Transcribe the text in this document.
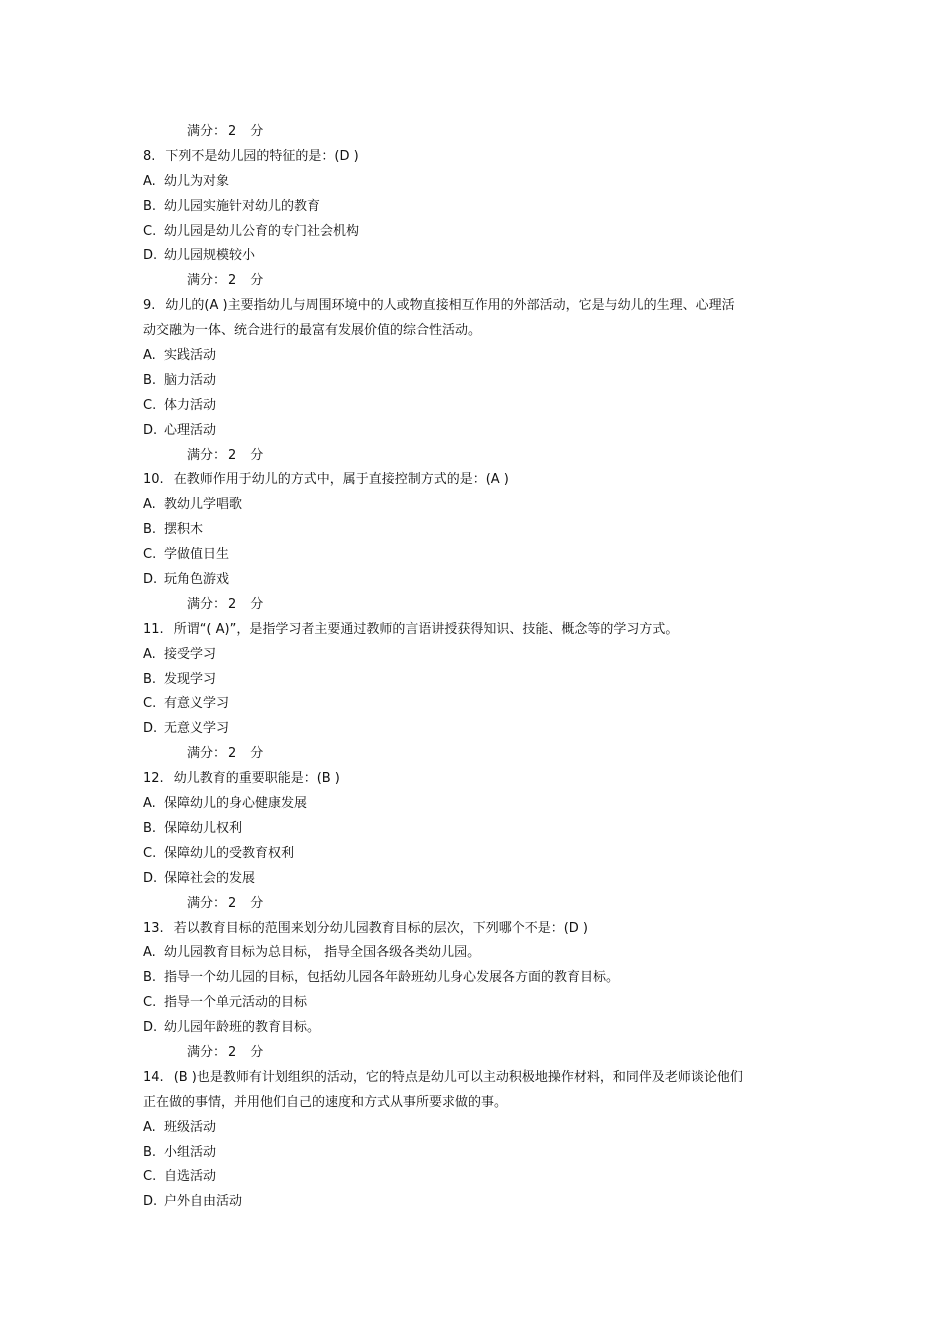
满分： 2 分
8. 下列不是幼儿园的特征的是：(D )
A. 幼儿为对象
B. 幼儿园实施针对幼儿的教育
C. 幼儿园是幼儿公育的专门社会机构
D. 幼儿园规模较小
满分： 2 分
9. 幼儿的(A )主要指幼儿与周围环境中的人或物直接相互作用的外部活动，它是与幼儿的生理、心理活
动交融为一体、统合进行的最富有发展价值的综合性活动。
A. 实践活动
B. 脑力活动
C. 体力活动
D. 心理活动
满分： 2 分
10. 在教师作用于幼儿的方式中，属于直接控制方式的是：(A )
A. 教幼儿学唱歌
B. 摆积木
C. 学做值日生
D. 玩角色游戏
满分： 2 分
11. 所谓“( A)”，是指学习者主要通过教师的言语讲授获得知识、技能、概念等的学习方式。
A. 接受学习
B. 发现学习
C. 有意义学习
D. 无意义学习
满分： 2 分
12. 幼儿教育的重要职能是：(B )
A. 保障幼儿的身心健康发展
B. 保障幼儿权利
C. 保障幼儿的受教育权利
D. 保障社会的发展
满分： 2 分
13. 若以教育目标的范围来划分幼儿园教育目标的层次，下列哪个不是：(D )
A. 幼儿园教育目标为总目标， 指导全国各级各类幼儿园。
B. 指导一个幼儿园的目标，包括幼儿园各年龄班幼儿身心发展各方面的教育目标。
C. 指导一个单元活动的目标
D. 幼儿园年龄班的教育目标。
满分： 2 分
14. (B )也是教师有计划组织的活动，它的特点是幼儿可以主动积极地操作材料，和同伴及老师谈论他们
正在做的事情，并用他们自己的速度和方式从事所要求做的事。
A. 班级活动
B. 小组活动
C. 自选活动
D. 户外自由活动
